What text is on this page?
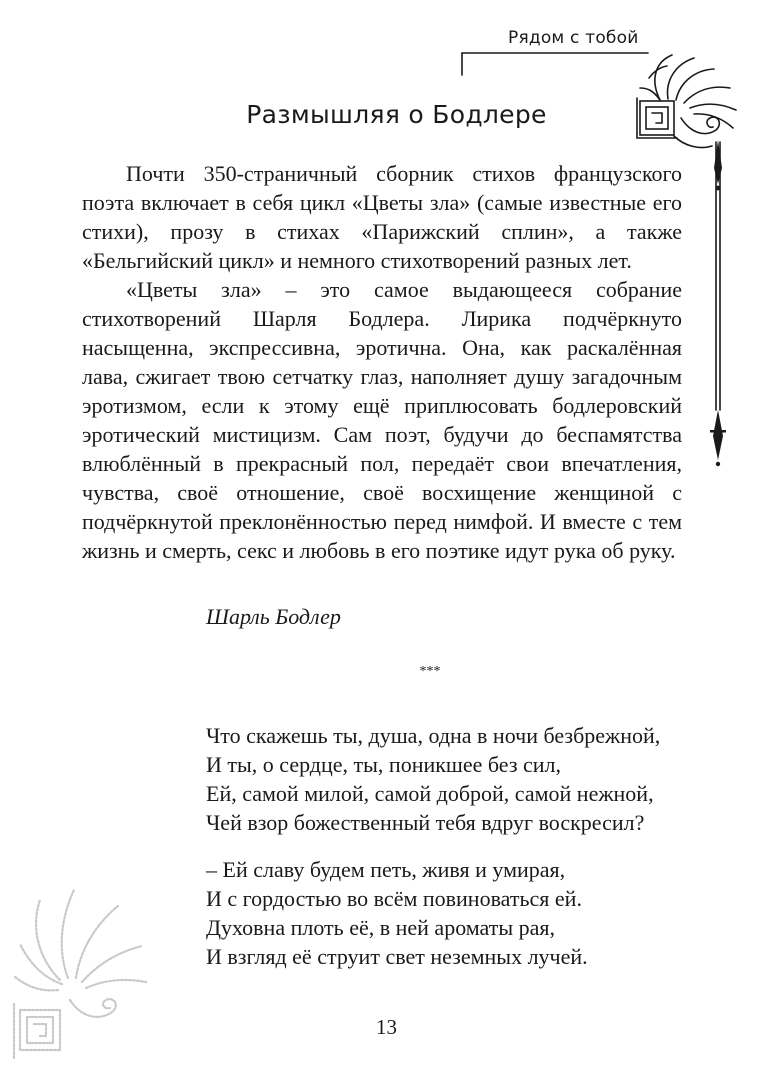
Рядом с тобой
Размышляя о Бодлере

Почти 350-страничный сборник стихов французского поэта включает в себя цикл «Цветы зла» (самые известные его стихи), прозу в стихах «Парижский сплин», а также «Бельгийский цикл» и немного стихотворений разных лет.

«Цветы зла» – это самое выдающееся собрание стихотворений Шарля Бодлера. Лирика подчёркнуто насыщенна, экспрессивна, эротична. Она, как раскалённая лава, сжигает твою сетчатку глаз, наполняет душу загадочным эротизмом, если к этому ещё приплюсовать бодлеровский эротический мистицизм. Сам поэт, будучи до беспамятства влюблённый в прекрасный пол, передаёт свои впечатления, чувства, своё отношение, своё восхищение женщиной с подчёркнутой преклонённостью перед нимфой. И вместе с тем жизнь и смерть, секс и любовь в его поэтике идут рука об руку.

Шарль Бодлер
***
Что скажешь ты, душа, одна в ночи безбрежной,
И ты, о сердце, ты, поникшее без сил,
Ей, самой милой, самой доброй, самой нежной,
Чей взор божественный тебя вдруг воскресил?
– Ей славу будем петь, живя и умирая,
И с гордостью во всём повиноваться ей.
Духовна плоть её, в ней ароматы рая,
И взгляд её струит свет неземных лучей.
13
